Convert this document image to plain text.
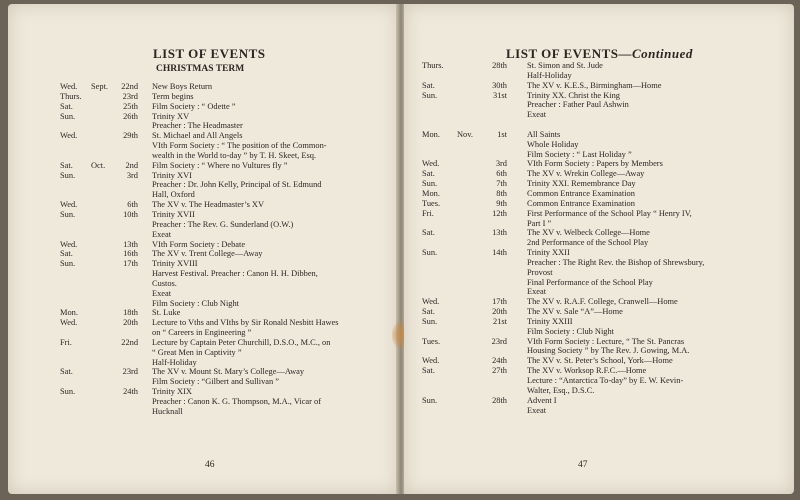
LIST OF EVENTS
CHRISTMAS TERM
Wed. Sept.	22nd New Boys Return
Thurs.	23rd Term begins
Sat.	25th Film Society : “ Odette ”
Sun.	26th Trinity XV
Preacher : The Headmaster
Wed.	29th St. Michael and All Angels
VIth Form Society : “ The position of the Common-
wealth in the World to-day ” by T. H. Skeet, Esq.
Sat. Oct.	2nd Film Society : “ Where no Vultures fly ”
Sun.	3rd Trinity XVI
Preacher : Dr. John Kelly, Principal of St. Edmund
Hall, Oxford
Wed.	6th The XV v. The Headmaster’s XV
Sun.	10th Trinity XVII
Preacher : The Rev. G. Sunderland (O.W.)
Exeat
Wed.	13th VIth Form Society : Debate
Sat.	16th The XV v. Trent College—Away
Sun.	17th Trinity XVIII
Harvest Festival. Preacher : Canon H. H. Dibben,
Custos.
Exeat
Film Society : Club Night
Mon.	18th St. Luke
Wed.	20th Lecture to Vths and VIths by Sir Ronald Nesbitt Hawes
on “ Careers in Engineering ”
Fri.	22nd Lecture by Captain Peter Churchill, D.S.O., M.C., on
“ Great Men in Captivity ”
Half-Holiday
Sat.	23rd The XV v. Mount St. Mary’s College—Away
Film Society : “Gilbert and Sullivan ”
Sun.	24th Trinity XIX
Preacher : Canon K. G. Thompson, M.A., Vicar of
Hucknall
46
LIST OF EVENTS—Continued
Thurs.	28th St. Simon and St. Jude
Half-Holiday
Sat.	30th The XV v. K.E.S., Birmingham—Home
Sun.	31st Trinity XX. Christ the King
Preacher : Father Paul Ashwin
Exeat
Mon. Nov.	1st All Saints
Whole Holiday
Film Society : “ Last Holiday ”
Wed.	3rd VIth Form Society : Papers by Members
Sat.	6th The XV v. Wrekin College—Away
Sun.	7th Trinity XXI. Remembrance Day
Mon.	8th Common Entrance Examination
Tues.	9th Common Entrance Examination
Fri.	12th First Performance of the School Play “ Henry IV,
Part I ”
Sat.	13th The XV v. Welbeck College—Home
2nd Performance of the School Play
Sun.	14th Trinity XXII
Preacher : The Right Rev. the Bishop of Shrewsbury,
Provost
Final Performance of the School Play
Exeat
Wed.	17th The XV v. R.A.F. College, Cranwell—Home
Sat.	20th The XV v. Sale “A”—Home
Sun.	21st Trinity XXIII
Film Society : Club Night
Tues.	23rd VIth Form Society : Lecture, “ The St. Pancras
Housing Society ” by The Rev. J. Gowing, M.A.
Wed.	24th The XV v. St. Peter’s School, York—Home
Sat.	27th The XV v. Worksop R.F.C.—Home
Lecture : “Antarctica To-day” by E. W. Kevin-
Walter, Esq., D.S.C.
Sun.	28th Advent I
Exeat
47
